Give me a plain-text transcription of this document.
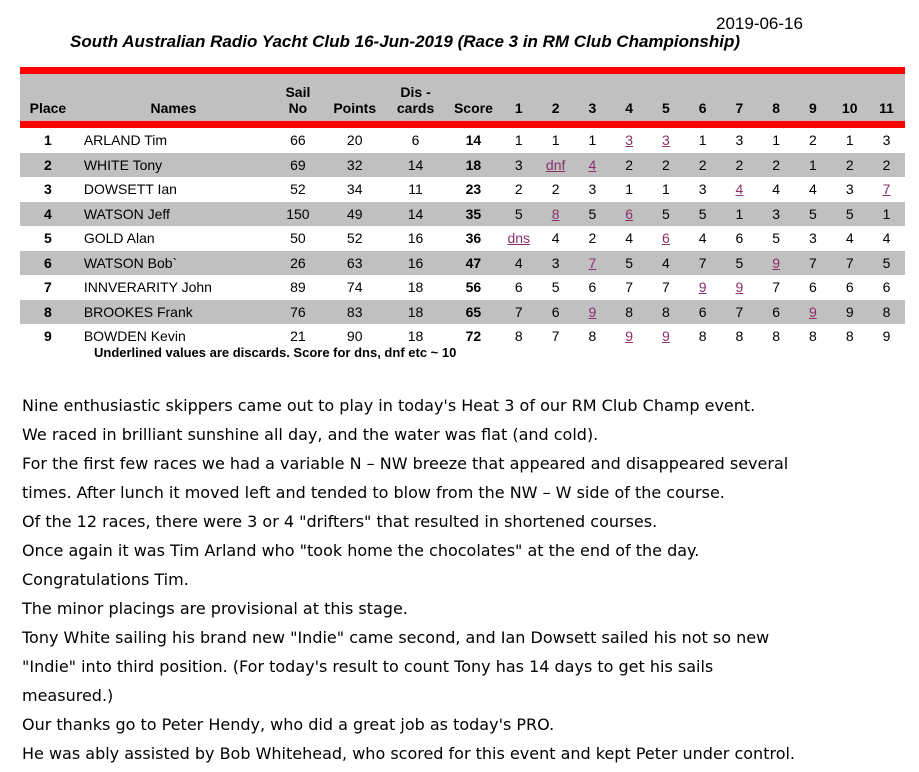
2019-06-16
South Australian Radio Yacht Club 16-Jun-2019 (Race 3 in RM Club Championship)
Place	Names	Sail No	Points	Dis - cards	Score	1	2	3	4	5	6	7	8	9	10	11

1	ARLAND Tim	66	20	6	14	1	1	1	3	3	1	3	1	2	1	3
2	WHITE Tony	69	32	14	18	3	dnf	4	2	2	2	2	2	1	2	2
3	DOWSETT Ian	52	34	11	23	2	2	3	1	1	3	4	4	4	3	7
4	WATSON Jeff	150	49	14	35	5	8	5	6	5	5	1	3	5	5	1
5	GOLD Alan	50	52	16	36	dns	4	2	4	6	4	6	5	3	4	4
6	WATSON Bob`	26	63	16	47	4	3	7	5	4	7	5	9	7	7	5
7	INNVERARITY John	89	74	18	56	6	5	6	7	7	9	9	7	6	6	6
8	BROOKES Frank	76	83	18	65	7	6	9	8	8	6	7	6	9	9	8
9	BOWDEN Kevin	21	90	18	72	8	7	8	9	9	8	8	8	8	8	9
Underlined values are discards. Score for dns, dnf etc ~ 10

Nine enthusiastic skippers came out to play in today's Heat 3 of our RM Club Champ event.

We raced in brilliant sunshine all day, and the water was flat (and cold).

For the first few races we had a variable N – NW breeze that appeared and disappeared several

times. After lunch it moved left and tended to blow from the NW – W side of the course.

Of the 12 races, there were 3 or 4 "drifters" that resulted in shortened courses.

Once again it was Tim Arland who "took home the chocolates" at the end of the day.

Congratulations Tim.

The minor placings are provisional at this stage.

Tony White sailing his brand new "Indie" came second, and Ian Dowsett sailed his not so new

"Indie" into third position. (For today's result to count Tony has 14 days to get his sails

measured.)

Our thanks go to Peter Hendy, who did a great job as today's PRO.

He was ably assisted by Bob Whitehead, who scored for this event and kept Peter under control.
